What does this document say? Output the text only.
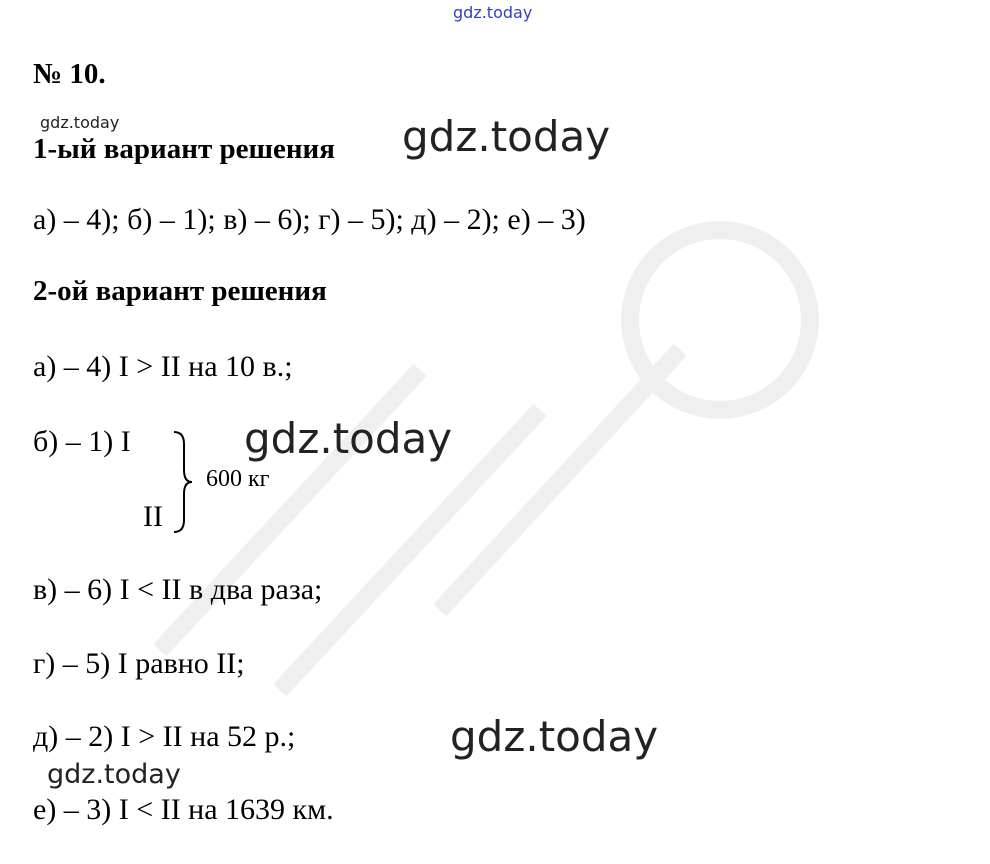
gdz.today
gdz.today	gdz.today
gdz.today
gdz.today
gdz.today
№ 10.
1-ый вариант решения
а) – 4); б) – 1); в) – 6); г) – 5); д) – 2); е) – 3)
2-ой вариант решения
а) – 4) I > II на 10 в.;
б) – 1) I
600 кг
II
в) – 6) I < II в два раза;
г) – 5) I равно II;
д) – 2) I > II на 52 р.;
е) – 3) I < II на 1639 км.
